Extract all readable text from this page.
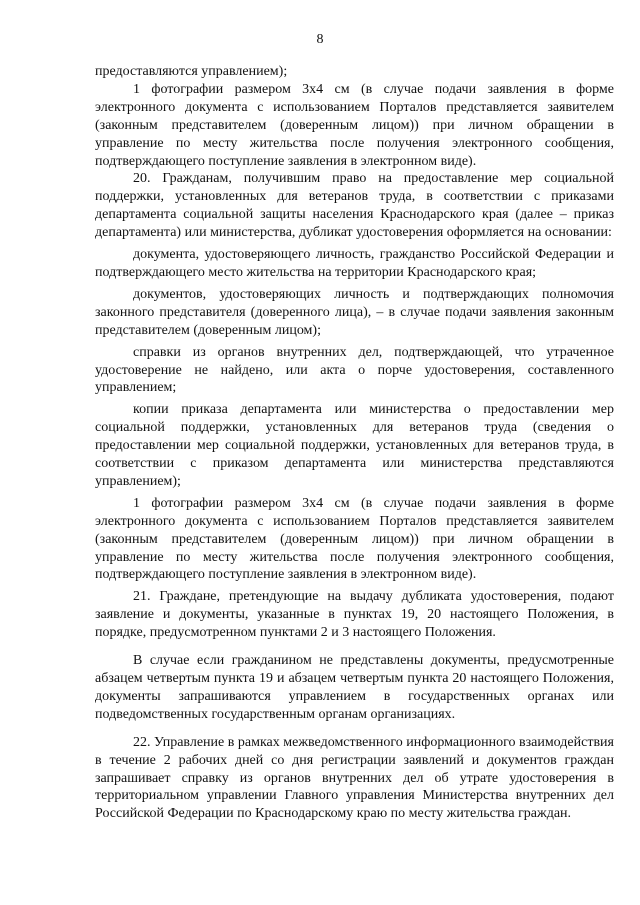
8

предоставляются управлением);

1 фотографии размером 3х4 см (в случае подачи заявления в форме электронного документа с использованием Порталов представляется заявителем (законным представителем (доверенным лицом)) при личном обращении в управление по месту жительства после получения электронного сообщения, подтверждающего поступление заявления в электронном виде).

20. Гражданам, получившим право на предоставление мер социальной поддержки, установленных для ветеранов труда, в соответствии с приказами департамента социальной защиты населения Краснодарского края (далее – приказ департамента) или министерства, дубликат удостоверения оформляется на основании:

документа, удостоверяющего личность, гражданство Российской Федерации и подтверждающего место жительства на территории Краснодарского края;

документов, удостоверяющих личность и подтверждающих полномочия законного представителя (доверенного лица), – в случае подачи заявления законным представителем (доверенным лицом);

справки из органов внутренних дел, подтверждающей, что утраченное удостоверение не найдено, или акта о порче удостоверения, составленного управлением;

копии приказа департамента или министерства о предоставлении мер социальной поддержки, установленных для ветеранов труда (сведения о предоставлении мер социальной поддержки, установленных для ветеранов труда, в соответствии с приказом департамента или министерства представляются управлением);

1 фотографии размером 3х4 см (в случае подачи заявления в форме электронного документа с использованием Порталов представляется заявителем (законным представителем (доверенным лицом)) при личном обращении в управление по месту жительства после получения электронного сообщения, подтверждающего поступление заявления в электронном виде).

21. Граждане, претендующие на выдачу дубликата удостоверения, подают заявление и документы, указанные в пунктах 19, 20 настоящего Положения, в порядке, предусмотренном пунктами 2 и 3 настоящего Положения.

В случае если гражданином не представлены документы, предусмотренные абзацем четвертым пункта 19 и абзацем четвертым пункта 20 настоящего Положения, документы запрашиваются управлением в государственных органах или подведомственных государственным органам организациях.

22. Управление в рамках межведомственного информационного взаимодействия в течение 2 рабочих дней со дня регистрации заявлений и документов граждан запрашивает справку из органов внутренних дел об утрате удостоверения в территориальном управлении Главного управления Министерства внутренних дел Российской Федерации по Краснодарскому краю по месту жительства граждан.
